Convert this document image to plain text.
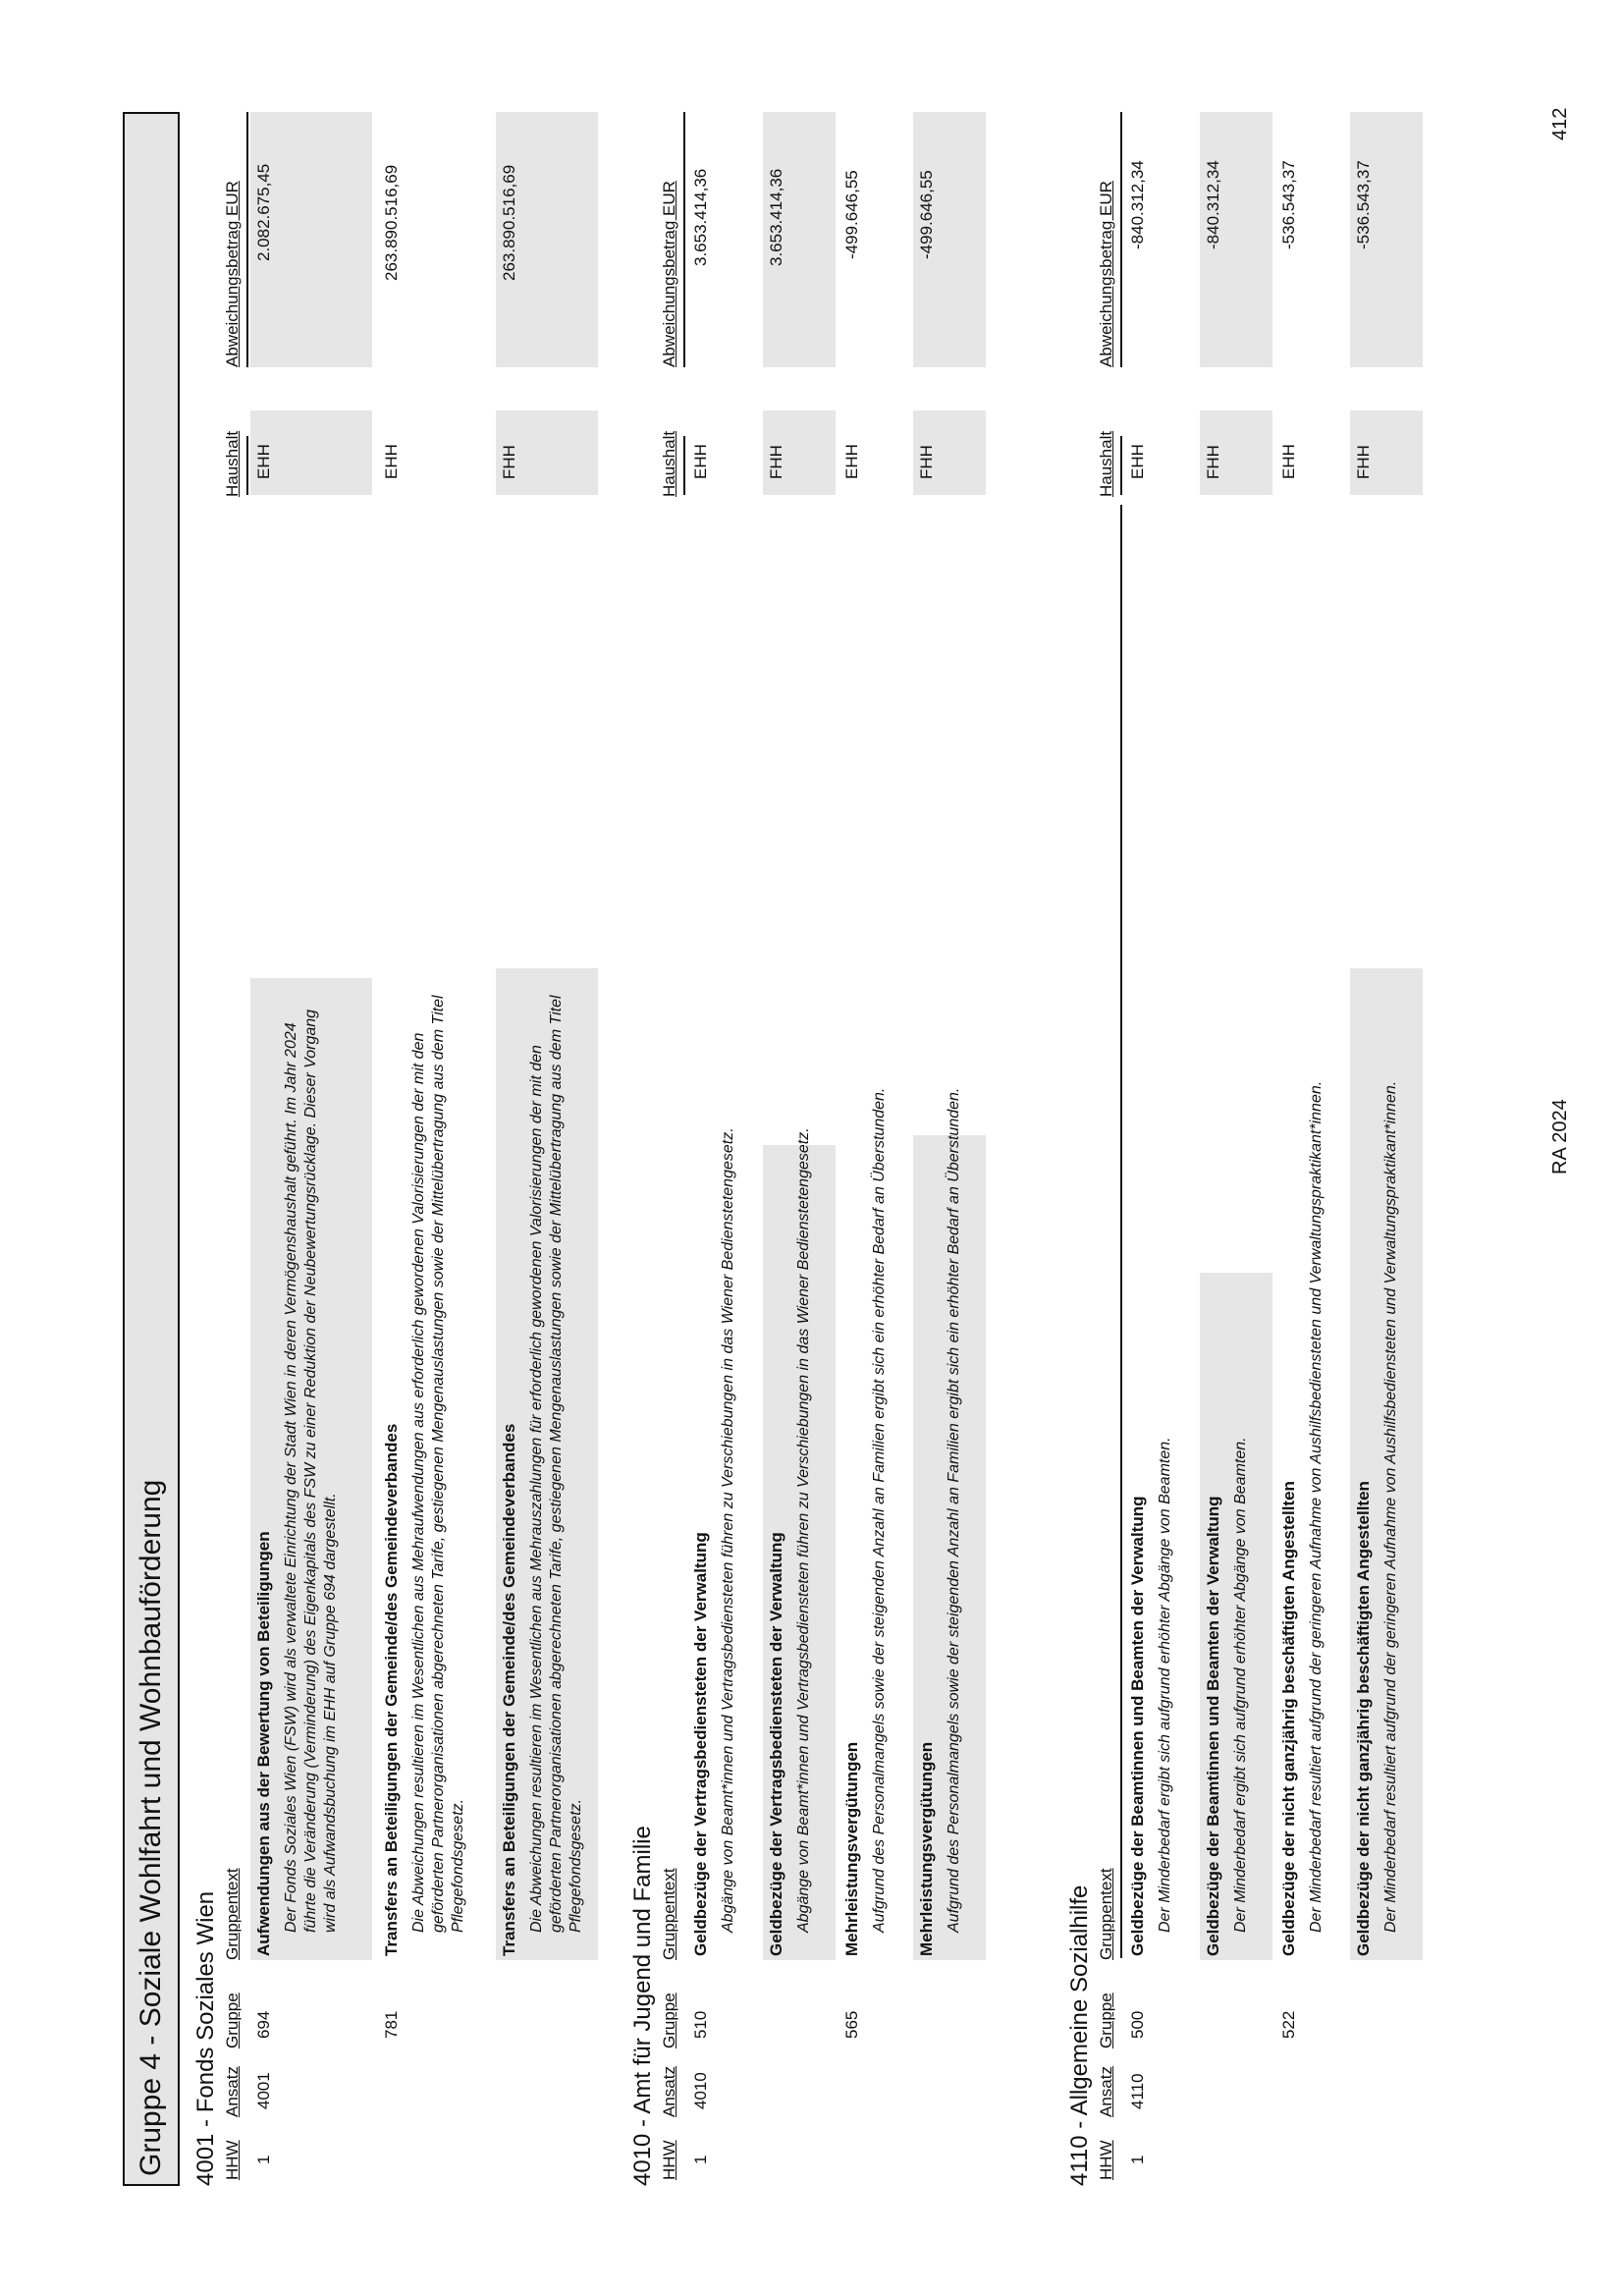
Gruppe 4 - Soziale Wohlfahrt und Wohnbauförderung	4001 - Fonds Soziales Wien HHW
Ansatz
Gruppe
Gruppentext
Haushalt
Abweichungsbetrag EUR
1
4001
694
Aufwendungen aus der Bewertung von Beteiligungen Der Fonds Soziales Wien (FSW) wird als verwaltete Einrichtung der Stadt Wien in deren Vermögenshaushalt geführt. Im Jahr 2024 führte die Veränderung (Verminderung) des Eigenkapitals des FSW zu einer Reduktion der Neubewertungsrücklage. Dieser Vorgang wird als Aufwandsbuchung im EHH auf Gruppe 694 dargestellt.
EHH
2.082.675,45
781
Transfers an Beteiligungen der Gemeinde/des Gemeindeverbandes Die Abweichungen resultieren im Wesentlichen aus Mehraufwendungen aus erforderlich gewordenen Valorisierungen der mit den geförderten Partnerorganisationen abgerechneten Tarife, gestiegenen Mengenauslastungen sowie der Mittelübertragung aus dem Titel Pflegefondsgesetz.
EHH
263.890.516,69
Transfers an Beteiligungen der Gemeinde/des Gemeindeverbandes Die Abweichungen resultieren im Wesentlichen aus Mehrauszahlungen für erforderlich gewordenen Valorisierungen der mit den geförderten Partnerorganisationen abgerechneten Tarife, gestiegenen Mengenauslastungen sowie der Mittelübertragung aus dem Titel Pflegefondsgesetz.
FHH
263.890.516,69
4010 - Amt für Jugend und Familie HHW
Ansatz
Gruppe
Gruppentext
Haushalt
Abweichungsbetrag EUR
1
4010
510
Geldbezüge der Vertragsbediensteten der Verwaltung Abgänge von Beamt*innen und Vertragsbediensteten führen zu Verschiebungen in das Wiener Bedienstetengesetz.
EHH
3.653.414,36
Geldbezüge der Vertragsbediensteten der Verwaltung Abgänge von Beamt*innen und Vertragsbediensteten führen zu Verschiebungen in das Wiener Bedienstetengesetz.
FHH
3.653.414,36
565
Mehrleistungsvergütungen Aufgrund des Personalmangels sowie der steigenden Anzahl an Familien ergibt sich ein erhöhter Bedarf an Überstunden.
EHH
-499.646,55
Mehrleistungsvergütungen Aufgrund des Personalmangels sowie der steigenden Anzahl an Familien ergibt sich ein erhöhter Bedarf an Überstunden.
FHH
-499.646,55
4110 - Allgemeine Sozialhilfe HHW
Ansatz
Gruppe
Gruppentext
Haushalt
Abweichungsbetrag EUR
1
4110
500
Geldbezüge der Beamtinnen und Beamten der Verwaltung Der Minderbedarf ergibt sich aufgrund erhöhter Abgänge von Beamten.
EHH
-840.312,34
Geldbezüge der Beamtinnen und Beamten der Verwaltung Der Minderbedarf ergibt sich aufgrund erhöhter Abgänge von Beamten.
FHH
-840.312,34
522
Geldbezüge der nicht ganzjährig beschäftigten Angestellten Der Minderbedarf resultiert aufgrund der geringeren Aufnahme von Aushilfsbediensteten und Verwaltungspraktikant*innen.
EHH
-536.543,37
Geldbezüge der nicht ganzjährig beschäftigten Angestellten Der Minderbedarf resultiert aufgrund der geringeren Aufnahme von Aushilfsbediensteten und Verwaltungspraktikant*innen.
FHH
-536.543,37
RA 2024
412
